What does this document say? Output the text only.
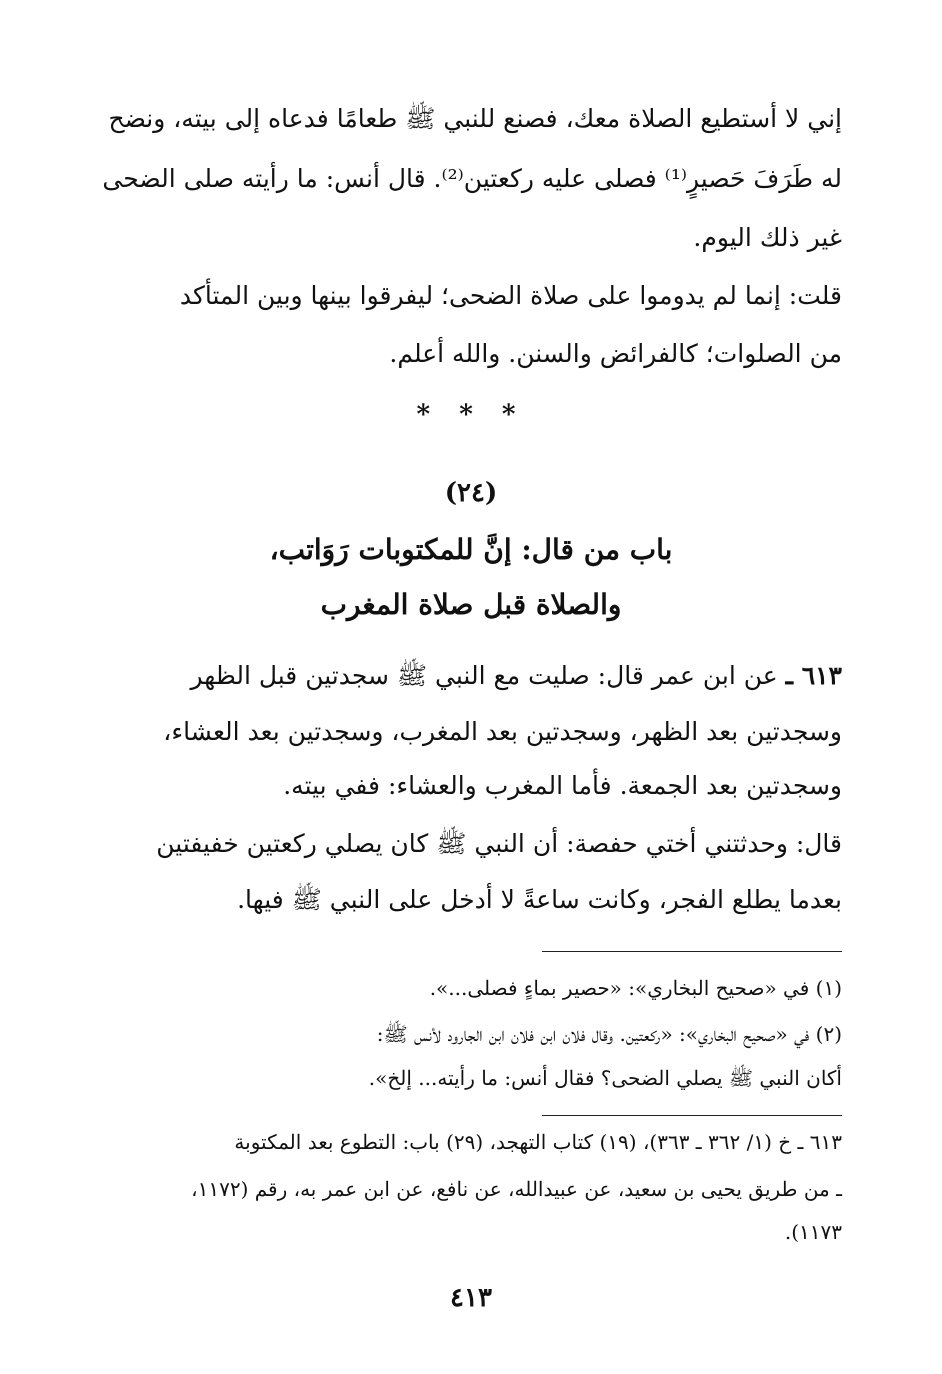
إني لا أستطيع الصلاة معك، فصنع للنبي ﷺ طعامًا فدعاه إلى بيته، ونضح
له طَرَفَ حَصيرٍ⁽¹⁾ فصلى عليه ركعتين⁽²⁾. قال أنس: ما رأيته صلى الضحى
غير ذلك اليوم.
قلت: إنما لم يدوموا على صلاة الضحى؛ ليفرقوا بينها وبين المتأكد
من الصلوات؛ كالفرائض والسنن. والله أعلم.
* * *
(٢٤)
باب من قال: إنَّ للمكتوبات رَوَاتب،
والصلاة قبل صلاة المغرب
٦١٣ ـ عن ابن عمر قال: صليت مع النبي ﷺ سجدتين قبل الظهر
وسجدتين بعد الظهر، وسجدتين بعد المغرب، وسجدتين بعد العشاء،
وسجدتين بعد الجمعة. فأما المغرب والعشاء: ففي بيته.
قال: وحدثتني أختي حفصة: أن النبي ﷺ كان يصلي ركعتين خفيفتين
بعدما يطلع الفجر، وكانت ساعةً لا أدخل على النبي ﷺ فيها.
(١) في «صحيح البخاري»: «حصير بماءٍ فصلى...».
(٢) في «صحيح البخاري»: «ركعتين. وقال فلان ابن فلان ابن الجارود لأنس ﷺ:
أكان النبي ﷺ يصلي الضحى؟ فقال أنس: ما رأيته... إلخ».
٦١٣ ـ خ (١/ ٣٦٢ ـ ٣٦٣)، (١٩) كتاب التهجد، (٢٩) باب: التطوع بعد المكتوبة
ـ من طريق يحيى بن سعيد، عن عبيدالله، عن نافع، عن ابن عمر به، رقم (١١٧٢،
١١٧٣).
٤١٣
